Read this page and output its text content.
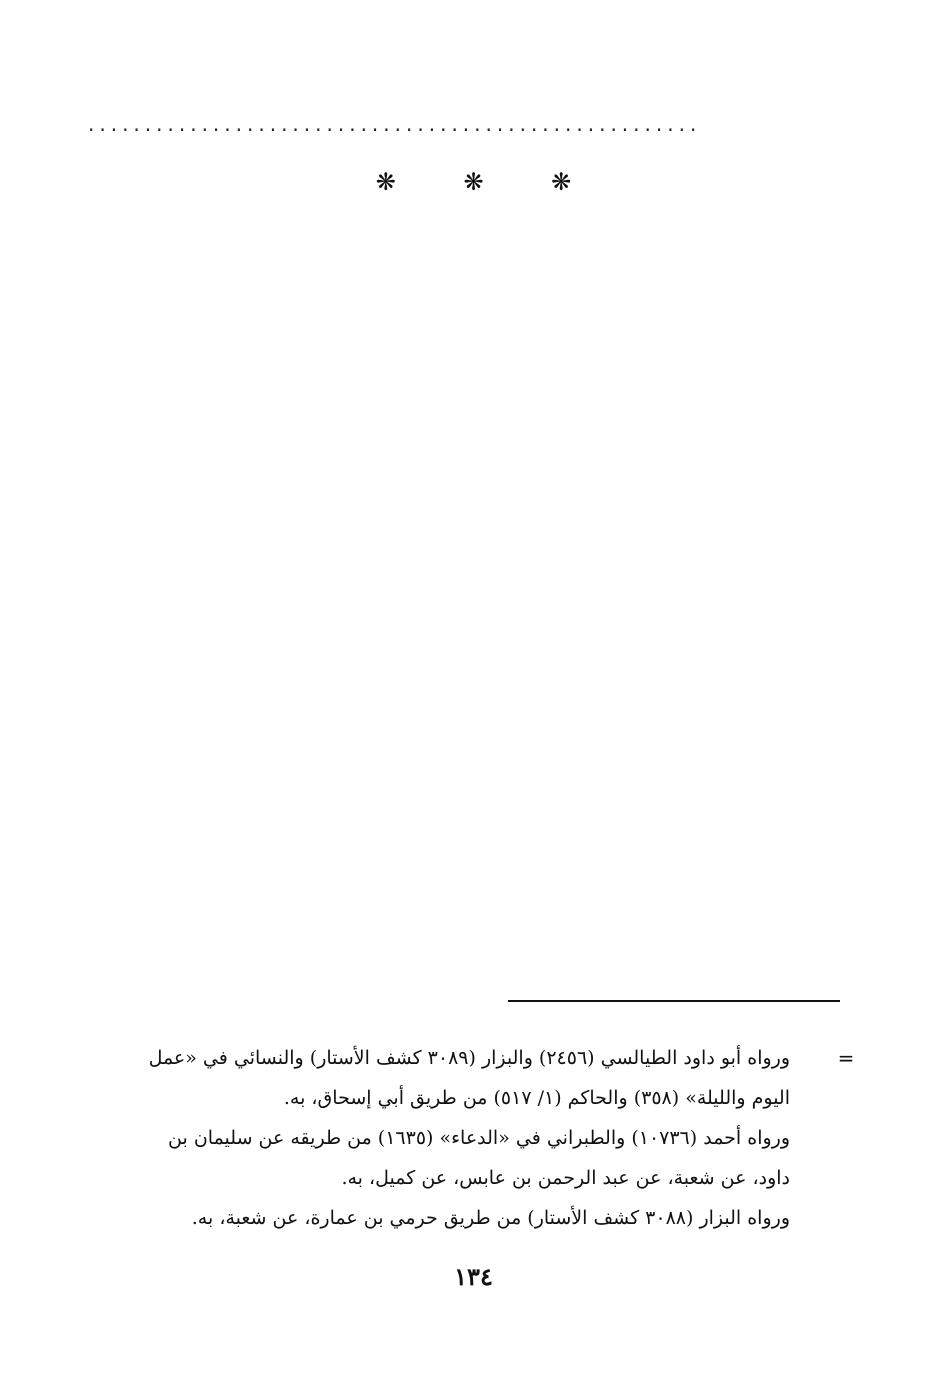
......................................................
❋	❋	❋
=
ورواه أبو داود الطيالسي (٢٤٥٦) والبزار (٣٠٨٩ كشف الأستار) والنسائي في «عمل
اليوم والليلة» (٣٥٨) والحاكم (١/ ٥١٧) من طريق أبي إسحاق، به.
ورواه أحمد (١٠٧٣٦) والطبراني في «الدعاء» (١٦٣٥) من طريقه عن سليمان بن
داود، عن شعبة، عن عبد الرحمن بن عابس، عن كميل، به.
ورواه البزار (٣٠٨٨ كشف الأستار) من طريق حرمي بن عمارة، عن شعبة، به.
١٣٤
